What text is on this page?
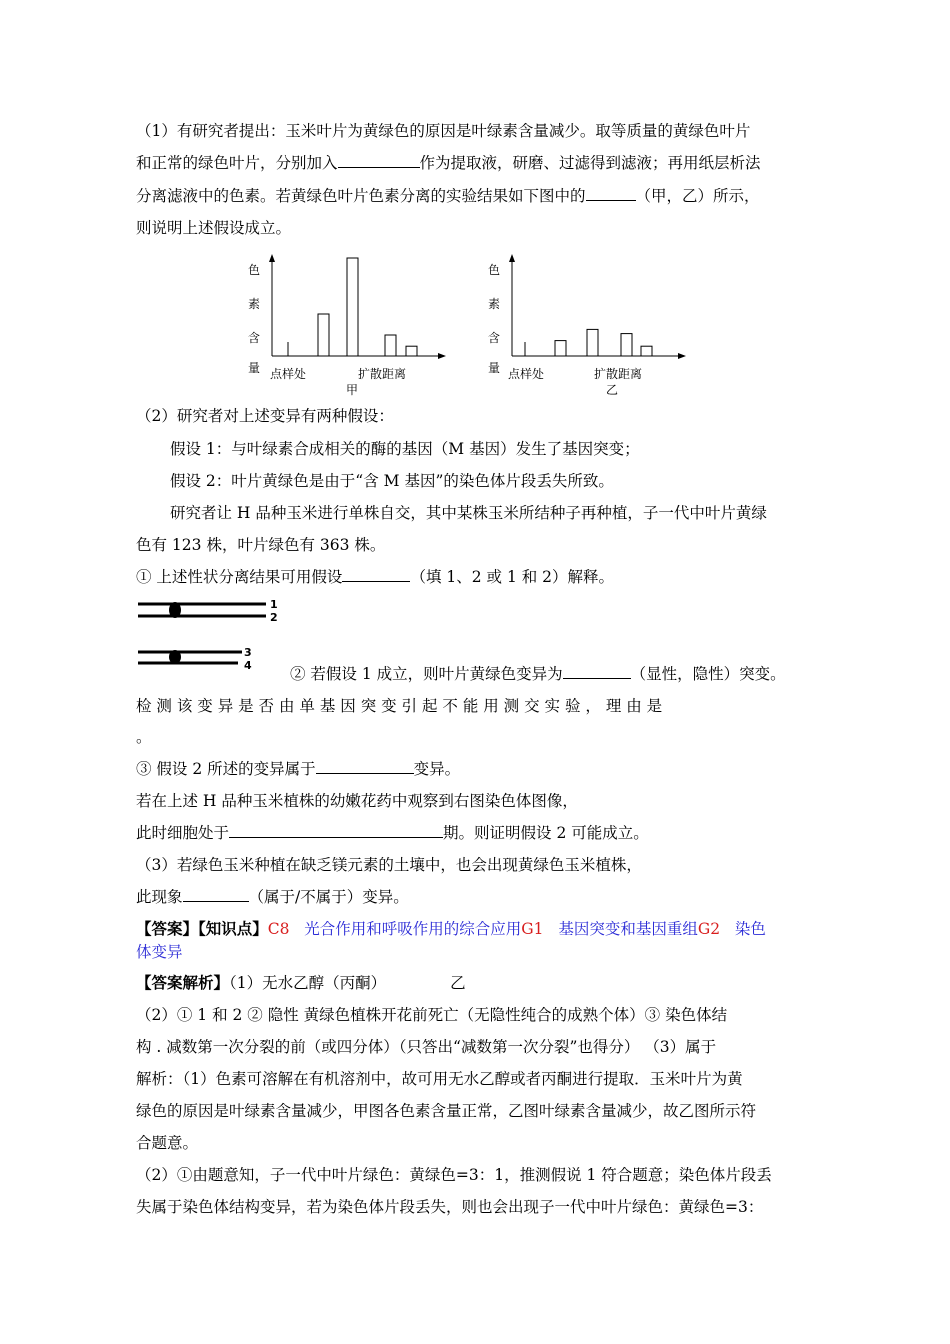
（1）有研究者提出：玉米叶片为黄绿色的原因是叶绿素含量减少。取等质量的黄绿色叶片
和正常的绿色叶片，分别加入	作为提取液，研磨、过滤得到滤液；再用纸层析法
分离滤液中的色素。若黄绿色叶片色素分离的实验结果如下图中的	（甲，乙）所示，
则说明上述假设成立。
色
素
含
量 点样处	扩散距离
甲
色
素
含
量 点样处	扩散距离
乙
（2）研究者对上述变异有两种假设：
假设 1：与叶绿素合成相关的酶的基因（M 基因）发生了基因突变；
假设 2：叶片黄绿色是由于“含 M 基因”的染色体片段丢失所致。
研究者让 H 品种玉米进行单株自交，其中某株玉米所结种子再种植，子一代中叶片黄绿
色有 123 株，叶片绿色有 363 株。
① 上述性状分离结果可用假设	（填 1、2 或 1 和 2）解释。
1
2
3
4 ② 若假设 1 成立，则叶片黄绿色变异为	（显性，隐性）突变。
检 测 该 变 异 是 否 由 单 基 因 突 变 引 起 不 能 用 测 交 实 验 ， 理 由 是
。
③ 假设 2 所述的变异属于	变异。
若在上述 H 品种玉米植株的幼嫩花药中观察到右图染色体图像，
此时细胞处于	期。则证明假设 2 可能成立。
（3）若绿色玉米种植在缺乏镁元素的土壤中，也会出现黄绿色玉米植株，
此现象	（属于/不属于）变异。
【答案】【知识点】C8 光合作用和呼吸作用的综合应用G1 基因突变和基因重组G2 染色
体变异
【答案解析】（1）无水乙醇（丙酮）	乙
（2）① 1 和 2 ② 隐性 黄绿色植株开花前死亡（无隐性纯合的成熟个体）③ 染色体结
构 . 减数第一次分裂的前（或四分体）（只答出“减数第一次分裂”也得分） （3）属于
解析：（1）色素可溶解在有机溶剂中，故可用无水乙醇或者丙酮进行提取．玉米叶片为黄
绿色的原因是叶绿素含量减少，甲图各色素含量正常，乙图叶绿素含量减少，故乙图所示符
合题意。
（2）①由题意知，子一代中叶片绿色：黄绿色=3：1，推测假说 1 符合题意；染色体片段丢
失属于染色体结构变异，若为染色体片段丢失，则也会出现子一代中叶片绿色：黄绿色=3：
